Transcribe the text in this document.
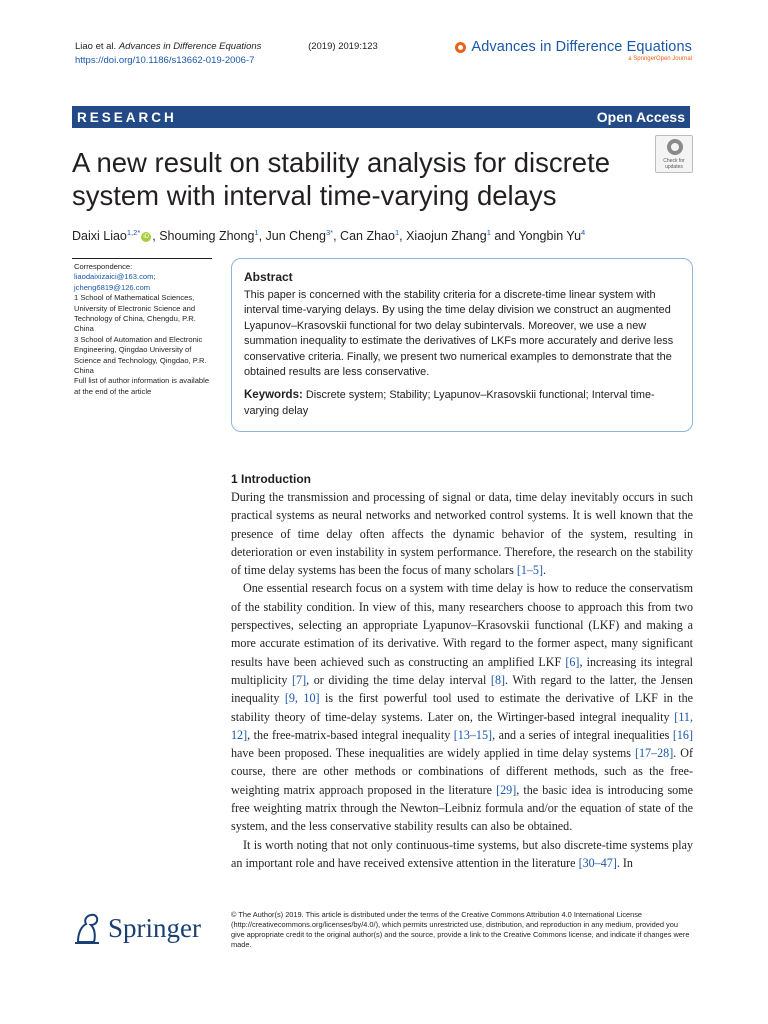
Liao et al. Advances in Difference Equations	(2019) 2019:123
https://doi.org/10.1186/s13662-019-2006-7
Advances in Difference Equations
a SpringerOpen Journal
RESEARCH	Open Access
A new result on stability analysis for discrete system with interval time-varying delays
Check for
updates
Daixi Liao$^{1,2*}$ iD , Shouming Zhong$^1$, Jun Cheng$^{3*}$, Can Zhao$^1$, Xiaojun Zhang$^1$ and Yongbin Yu$^4$
Correspondence:
liaodaixizaici@163.com;
jcheng6819@126.com
1 School of Mathematical Sciences, University of Electronic Science and Technology of China, Chengdu, P.R. China
3 School of Automation and Electronic Engineering, Qingdao University of Science and Technology, Qingdao, P.R. China
Full list of author information is available at the end of the article
Abstract

This paper is concerned with the stability criteria for a discrete-time linear system with interval time-varying delays. By using the time delay division we construct an augmented Lyapunov–Krasovskii functional for two delay subintervals. Moreover, we use a new summation inequality to estimate the derivatives of LKFs more accurately and derive less conservative criteria. Finally, we present two numerical examples to demonstrate that the obtained results are less conservative.

Keywords: Discrete system; Stability; Lyapunov–Krasovskii functional; Interval time-varying delay

1 Introduction

During the transmission and processing of signal or data, time delay inevitably occurs in such practical systems as neural networks and networked control systems. It is well known that the presence of time delay often affects the dynamic behavior of the system, resulting in deterioration or even instability in system performance. Therefore, the research on the stability of time delay systems has been the focus of many scholars [1–5].

One essential research focus on a system with time delay is how to reduce the conservatism of the stability condition. In view of this, many researchers choose to approach this from two perspectives, selecting an appropriate Lyapunov–Krasovskii functional (LKF) and making a more accurate estimation of its derivative. With regard to the former aspect, many significant results have been achieved such as constructing an amplified LKF [6], increasing its integral multiplicity [7], or dividing the time delay interval [8]. With regard to the latter, the Jensen inequality [9, 10] is the first powerful tool used to estimate the derivative of LKF in the stability theory of time-delay systems. Later on, the Wirtinger-based integral inequality [11, 12], the free-matrix-based integral inequality [13–15], and a series of integral inequalities [16] have been proposed. These inequalities are widely applied in time delay systems [17–28]. Of course, there are other methods or combinations of different methods, such as the free-weighting matrix approach proposed in the literature [29], the basic idea is introducing some free weighting matrix through the Newton–Leibniz formula and/or the equation of state of the system, and the less conservative stability results can also be obtained.

It is worth noting that not only continuous-time systems, but also discrete-time systems play an important role and have received extensive attention in the literature [30–47]. In

Springer	© The Author(s) 2019. This article is distributed under the terms of the Creative Commons Attribution 4.0 International License (http://creativecommons.org/licenses/by/4.0/), which permits unrestricted use, distribution, and reproduction in any medium, provided you give appropriate credit to the original author(s) and the source, provide a link to the Creative Commons license, and indicate if changes were made.
